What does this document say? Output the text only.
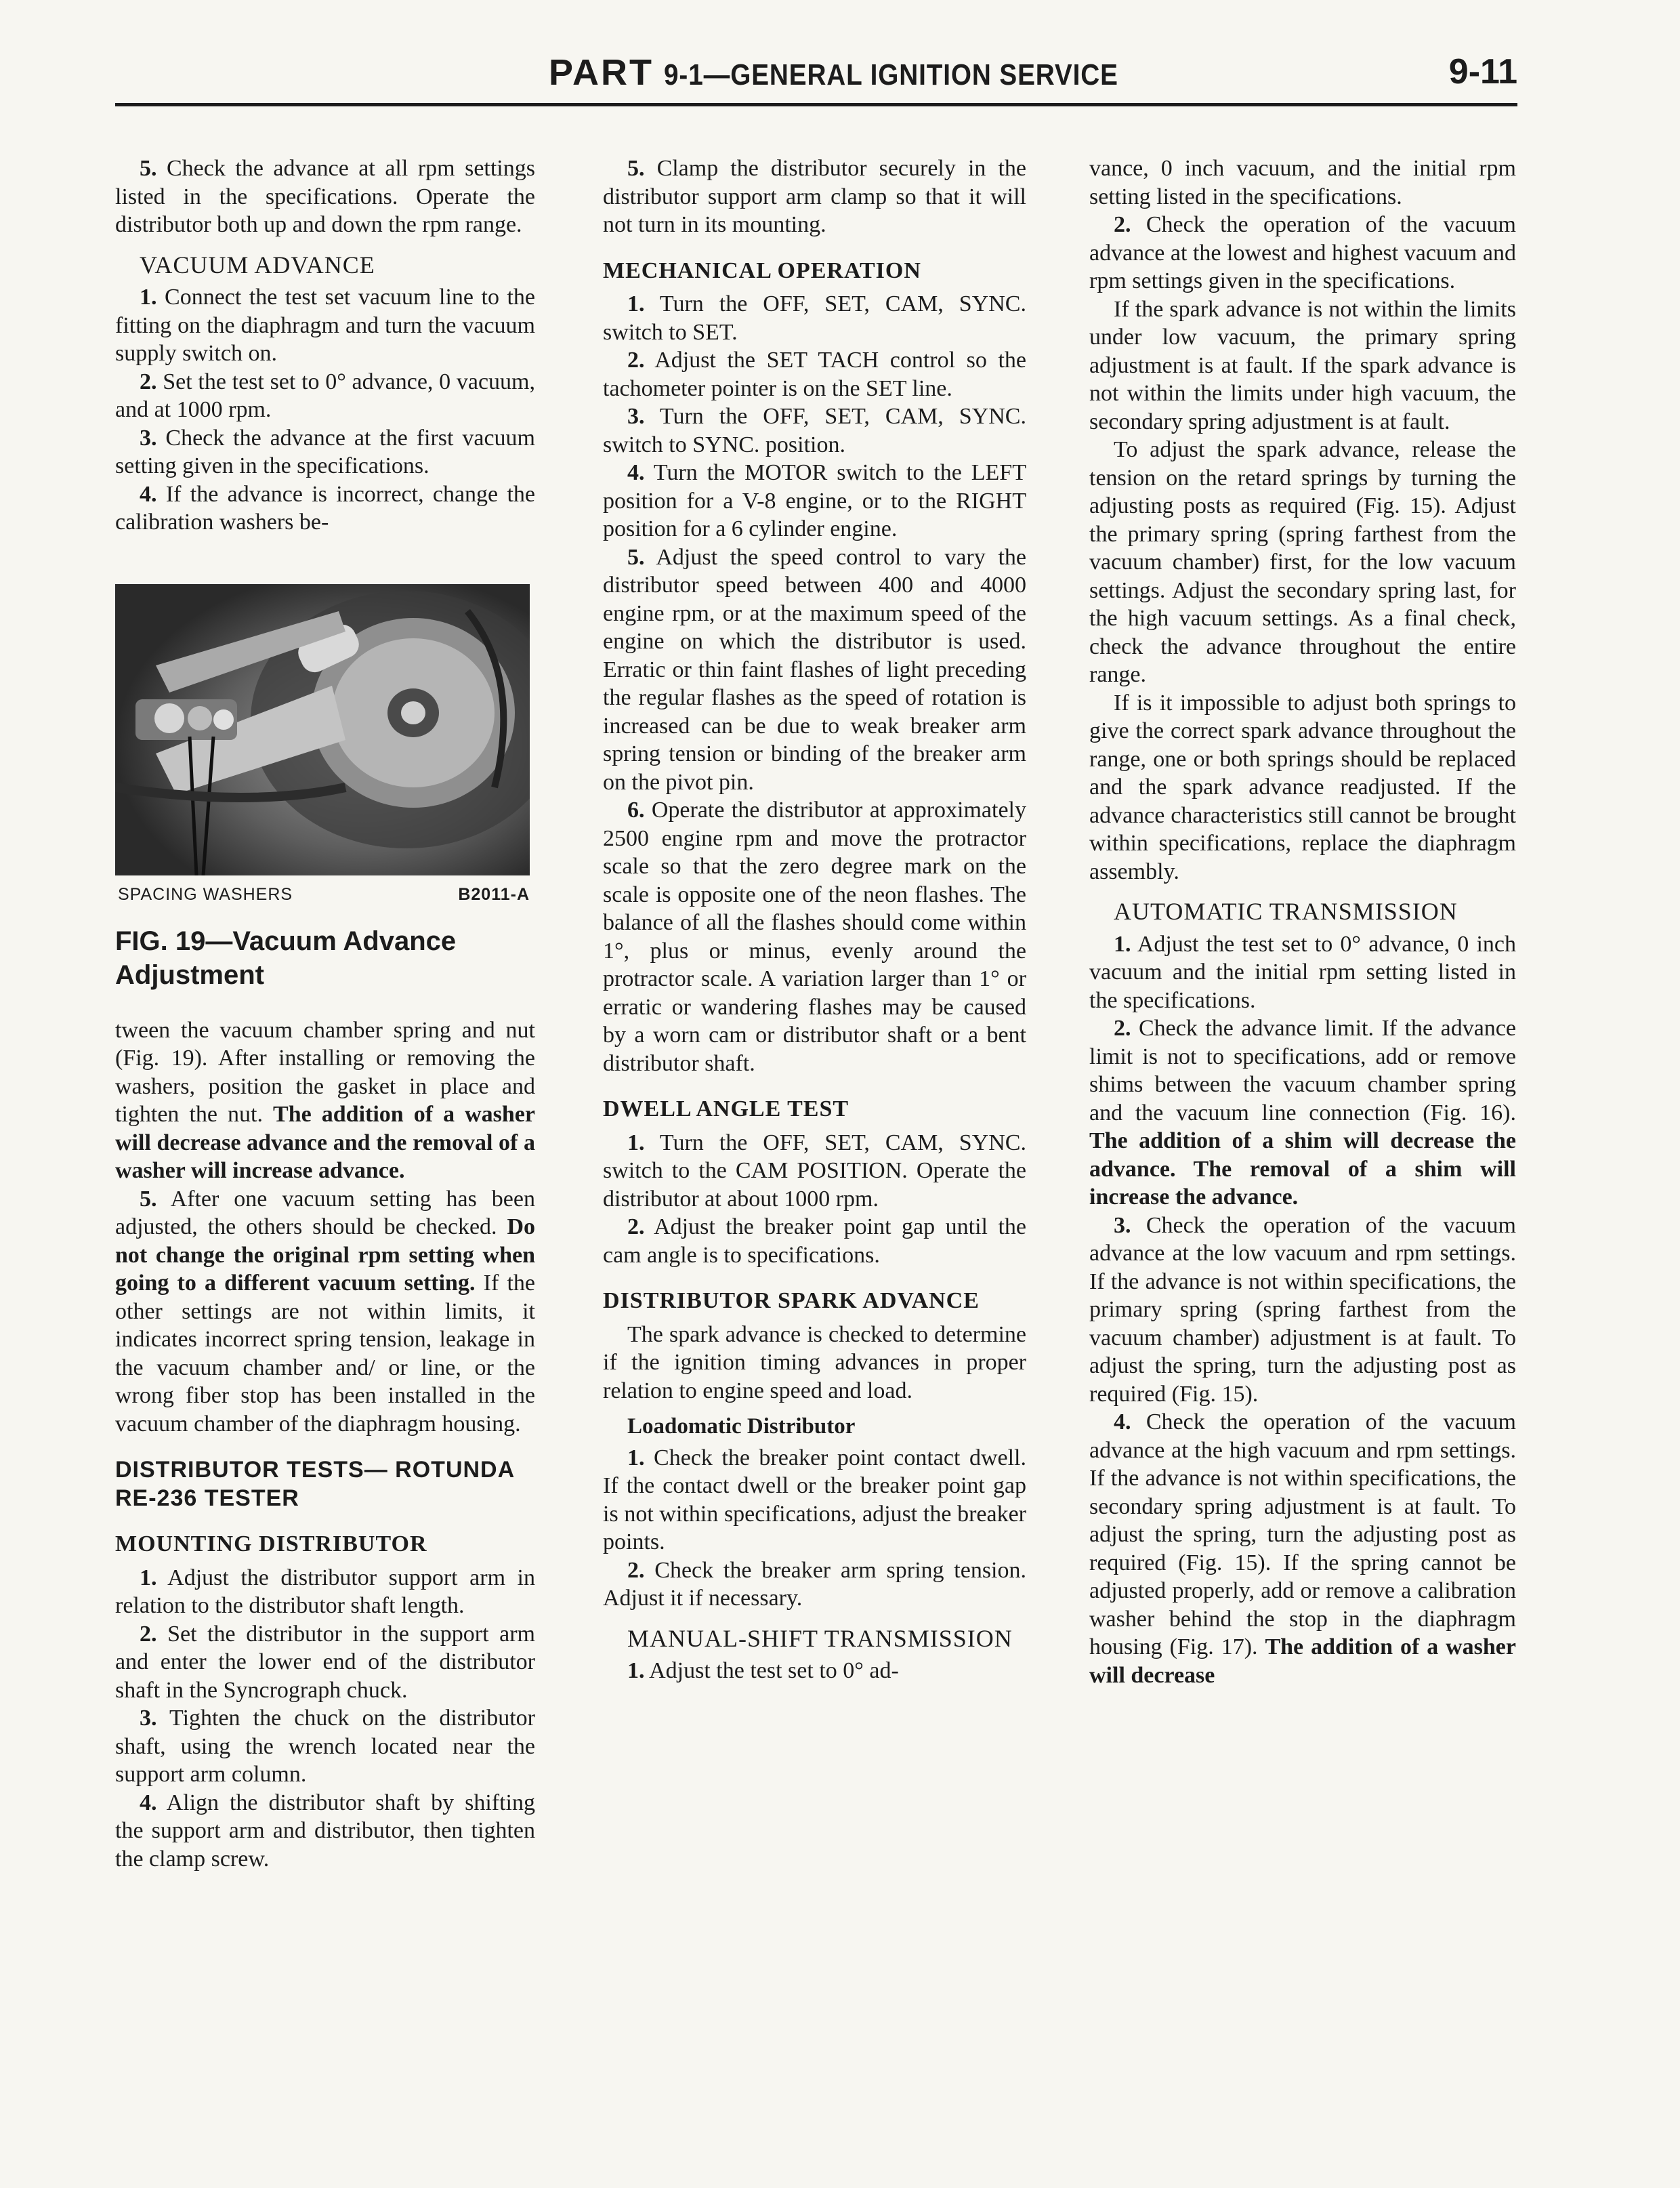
PART 9-1—GENERAL IGNITION SERVICE	9-11

5. Check the advance at all rpm settings listed in the specifications. Operate the distributor both up and down the rpm range.

VACUUM ADVANCE

1. Connect the test set vacuum line to the fitting on the diaphragm and turn the vacuum supply switch on.

2. Set the test set to 0° advance, 0 vacuum, and at 1000 rpm.

3. Check the advance at the first vacuum setting given in the specifications.

4. If the advance is incorrect, change the calibration washers be-

SPACING WASHERS	B2011-A
FIG. 19—Vacuum Advance Adjustment

tween the vacuum chamber spring and nut (Fig. 19). After installing or removing the washers, position the gasket in place and tighten the nut. The addition of a washer will decrease advance and the removal of a washer will increase advance.

5. After one vacuum setting has been adjusted, the others should be checked. Do not change the original rpm setting when going to a different vacuum setting. If the other settings are not within limits, it indicates incorrect spring tension, leakage in the vacuum chamber and/ or line, or the wrong fiber stop has been installed in the vacuum chamber of the diaphragm housing.

DISTRIBUTOR TESTS— ROTUNDA RE-236 TESTER
MOUNTING DISTRIBUTOR

1. Adjust the distributor support arm in relation to the distributor shaft length.

2. Set the distributor in the support arm and enter the lower end of the distributor shaft in the Syncrograph chuck.

3. Tighten the chuck on the distributor shaft, using the wrench located near the support arm column.

4. Align the distributor shaft by shifting the support arm and distributor, then tighten the clamp screw.

5. Clamp the distributor securely in the distributor support arm clamp so that it will not turn in its mounting.

MECHANICAL OPERATION

1. Turn the OFF, SET, CAM, SYNC. switch to SET.

2. Adjust the SET TACH control so the tachometer pointer is on the SET line.

3. Turn the OFF, SET, CAM, SYNC. switch to SYNC. position.

4. Turn the MOTOR switch to the LEFT position for a V-8 engine, or to the RIGHT position for a 6 cylinder engine.

5. Adjust the speed control to vary the distributor speed between 400 and 4000 engine rpm, or at the maximum speed of the engine on which the distributor is used. Erratic or thin faint flashes of light preceding the regular flashes as the speed of rotation is increased can be due to weak breaker arm spring tension or binding of the breaker arm on the pivot pin.

6. Operate the distributor at approximately 2500 engine rpm and move the protractor scale so that the zero degree mark on the scale is opposite one of the neon flashes. The balance of all the flashes should come within 1°, plus or minus, evenly around the protractor scale. A variation larger than 1° or erratic or wandering flashes may be caused by a worn cam or distributor shaft or a bent distributor shaft.

DWELL ANGLE TEST

1. Turn the OFF, SET, CAM, SYNC. switch to the CAM POSITION. Operate the distributor at about 1000 rpm.

2. Adjust the breaker point gap until the cam angle is to specifications.

DISTRIBUTOR SPARK ADVANCE

The spark advance is checked to determine if the ignition timing advances in proper relation to engine speed and load.

Loadomatic Distributor

1. Check the breaker point contact dwell. If the contact dwell or the breaker point gap is not within specifications, adjust the breaker points.

2. Check the breaker arm spring tension. Adjust it if necessary.

MANUAL-SHIFT TRANSMISSION

1. Adjust the test set to 0° ad-

vance, 0 inch vacuum, and the initial rpm setting listed in the specifications.

2. Check the operation of the vacuum advance at the lowest and highest vacuum and rpm settings given in the specifications.

If the spark advance is not within the limits under low vacuum, the primary spring adjustment is at fault. If the spark advance is not within the limits under high vacuum, the secondary spring adjustment is at fault.

To adjust the spark advance, release the tension on the retard springs by turning the adjusting posts as required (Fig. 15). Adjust the primary spring (spring farthest from the vacuum chamber) first, for the low vacuum settings. Adjust the secondary spring last, for the high vacuum settings. As a final check, check the advance throughout the entire range.

If is it impossible to adjust both springs to give the correct spark advance throughout the range, one or both springs should be replaced and the spark advance readjusted. If the advance characteristics still cannot be brought within specifications, replace the diaphragm assembly.

AUTOMATIC TRANSMISSION

1. Adjust the test set to 0° advance, 0 inch vacuum and the initial rpm setting listed in the specifications.

2. Check the advance limit. If the advance limit is not to specifications, add or remove shims between the vacuum chamber spring and the vacuum line connection (Fig. 16). The addition of a shim will decrease the advance. The removal of a shim will increase the advance.

3. Check the operation of the vacuum advance at the low vacuum and rpm settings. If the advance is not within specifications, the primary spring (spring farthest from the vacuum chamber) adjustment is at fault. To adjust the spring, turn the adjusting post as required (Fig. 15).

4. Check the operation of the vacuum advance at the high vacuum and rpm settings. If the advance is not within specifications, the secondary spring adjustment is at fault. To adjust the spring, turn the adjusting post as required (Fig. 15). If the spring cannot be adjusted properly, add or remove a calibration washer behind the stop in the diaphragm housing (Fig. 17). The addition of a washer will decrease
